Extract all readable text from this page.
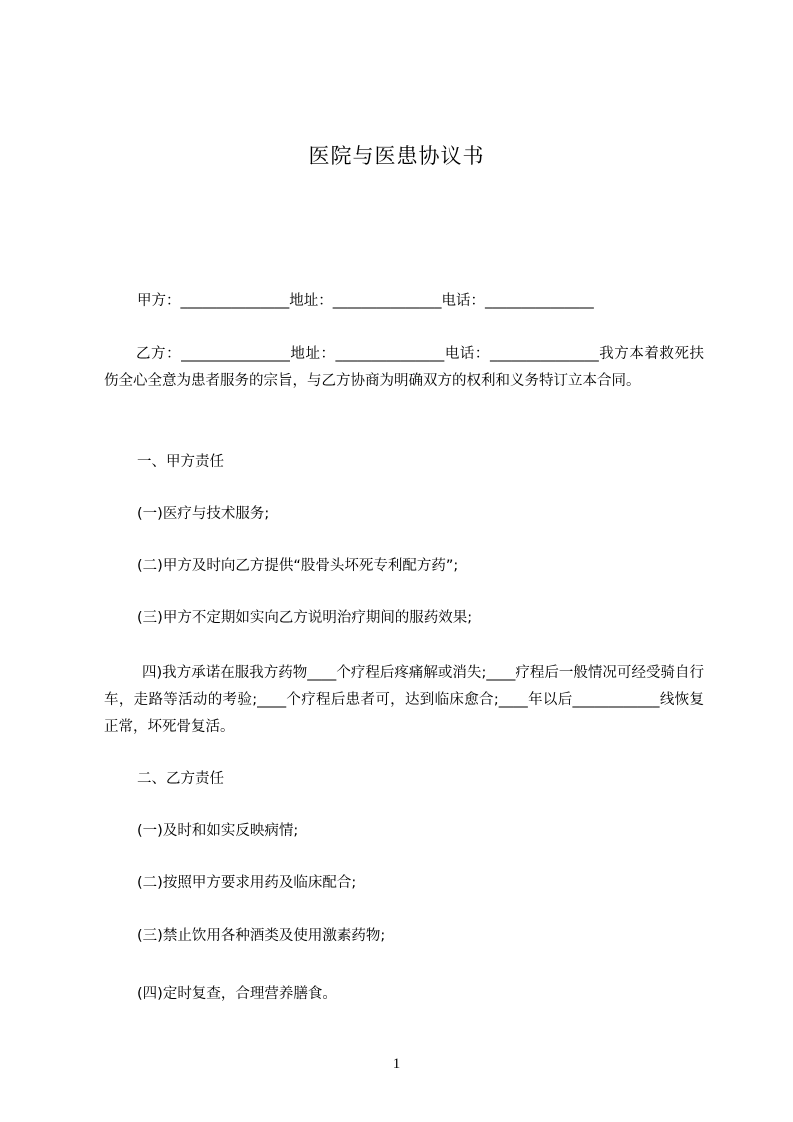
医院与医患协议书
甲方：_______________地址：_______________电话：_______________
乙方：_______________地址：_______________电话：_______________我方本着救死扶伤全心全意为患者服务的宗旨，与乙方协商为明确双方的权利和义务特订立本合同。
一、甲方责任
(一)医疗与技术服务;
(二)甲方及时向乙方提供“股骨头坏死专利配方药”;
(三)甲方不定期如实向乙方说明治疗期间的服药效果;
四)我方承诺在服我方药物____个疗程后疼痛解或消失;____疗程后一般情况可经受骑自行车，走路等活动的考验;____个疗程后患者可，达到临床愈合;____年以后____________线恢复正常，坏死骨复活。
二、乙方责任
(一)及时和如实反映病情;
(二)按照甲方要求用药及临床配合;
(三)禁止饮用各种酒类及使用激素药物;
(四)定时复查，合理营养膳食。
1
